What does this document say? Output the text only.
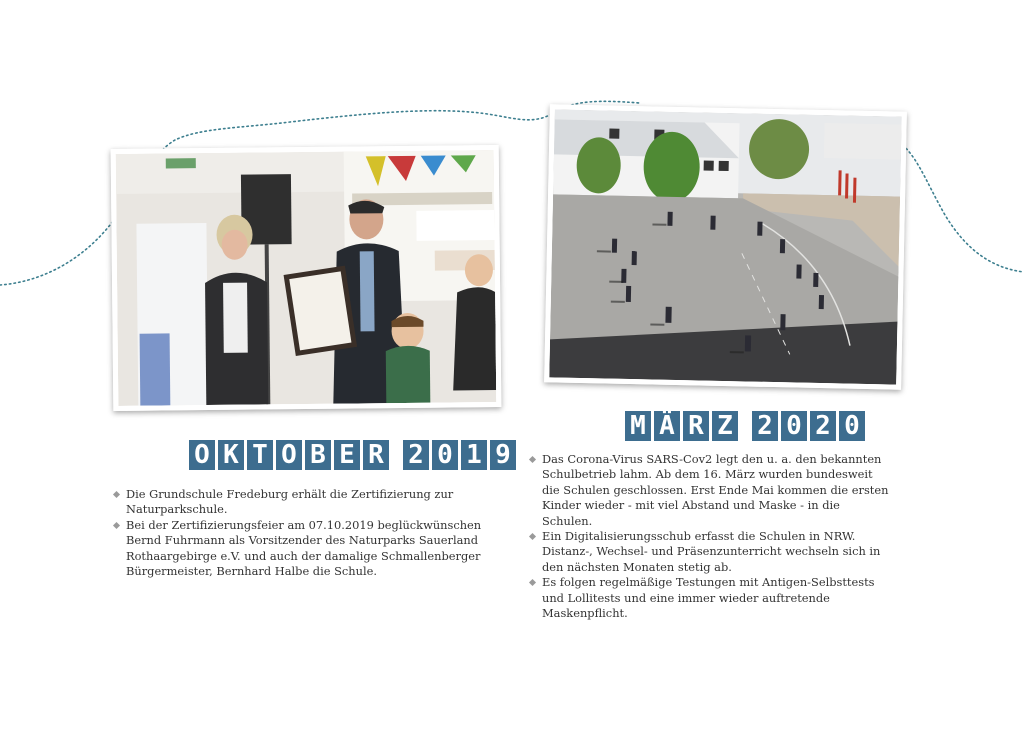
O K T O B E R 2 0 1 9
Die Grundschule Fredeburg erhält die Zertifizierung zur Naturparkschule.
Bei der Zertifizierungsfeier am 07.10.2019 beglückwünschen Bernd Fuhrmann als Vorsitzender des Naturparks Sauerland Rothaargebirge e.V. und auch der damalige Schmallenberger Bürgermeister, Bernhard Halbe die Schule.
M Ä R Z 2 0 2 0
Das Corona-Virus SARS-Cov2 legt den u. a. den bekannten Schulbetrieb lahm. Ab dem 16. März wurden bundesweit die Schulen geschlossen. Erst Ende Mai kommen die ersten Kinder wieder - mit viel Abstand und Maske - in die Schulen.
Ein Digitalisierungsschub erfasst die Schulen in NRW. Distanz-, Wechsel- und Präsenzunterricht wechseln sich in den nächsten Monaten stetig ab.
Es folgen regelmäßige Testungen mit Antigen-Selbsttests und Lollitests und eine immer wieder auftretende Maskenpflicht.
